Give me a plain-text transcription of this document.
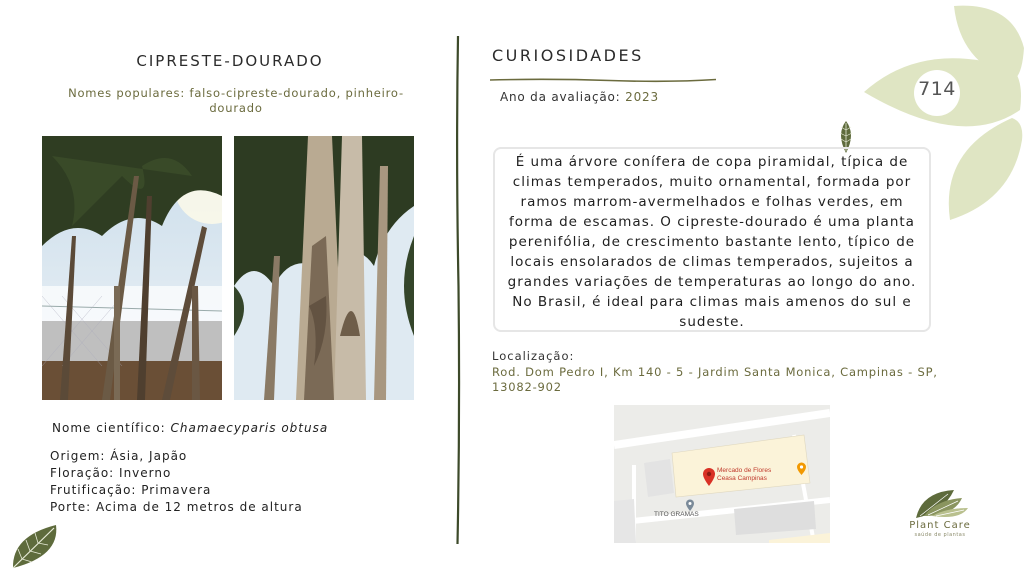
CIPRESTE-DOURADO
Nomes populares: falso-cipreste-dourado, pinheiro-dourado
Nome científico: Chamaecyparis obtusa
Origem: Ásia, Japão
Floração: Inverno
Frutificação: Primavera
Porte: Acima de 12 metros de altura
CURIOSIDADES
Ano da avaliação: 2023

É uma árvore conífera de copa piramidal, típica de climas temperados, muito ornamental, formada por ramos marrom-avermelhados e folhas verdes, em forma de escamas. O cipreste-dourado é uma planta perenifólia, de crescimento bastante lento, típico de locais ensolarados de climas temperados, sujeitos a grandes variações de temperaturas ao longo do ano. No Brasil, é ideal para climas mais amenos do sul e sudeste.

Localização:
Rod. Dom Pedro I, Km 140 - 5 - Jardim Santa Monica, Campinas - SP, 13082-902
Mercado de Flores
Ceasa Campinas
TITO GRAMAS
714
Plant Care
saúde de plantas
